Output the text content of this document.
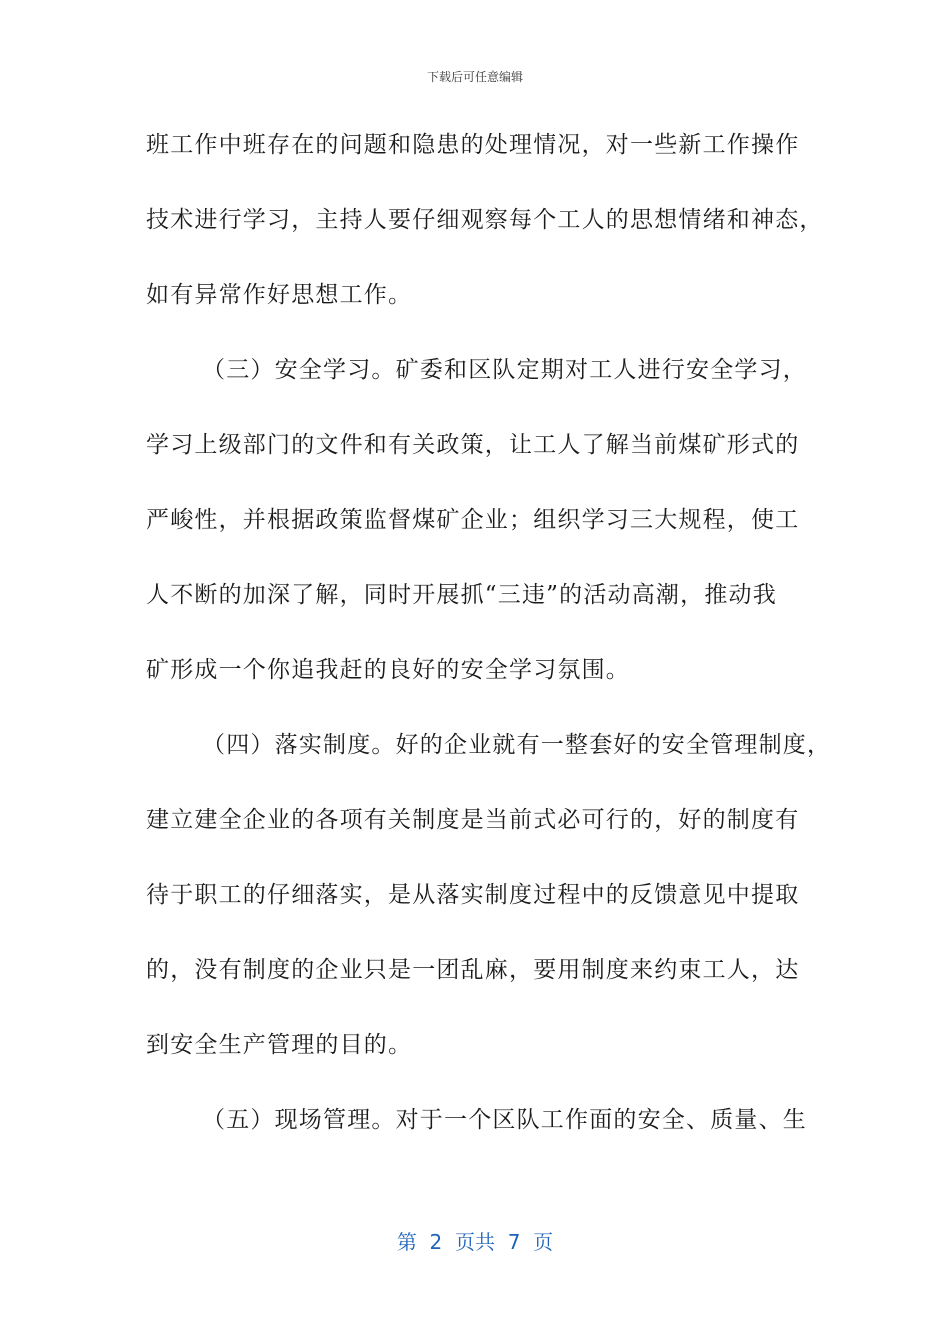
下载后可任意编辑
班工作中班存在的问题和隐患的处理情况，对一些新工作操作
技术进行学习，主持人要仔细观察每个工人的思想情绪和神态，
如有异常作好思想工作。
（三）安全学习。矿委和区队定期对工人进行安全学习，
学习上级部门的文件和有关政策，让工人了解当前煤矿形式的
严峻性，并根据政策监督煤矿企业；组织学习三大规程，使工
人不断的加深了解，同时开展抓“三违”的活动高潮，推动我
矿形成一个你追我赶的良好的安全学习氛围。
（四）落实制度。好的企业就有一整套好的安全管理制度，
建立建全企业的各项有关制度是当前式必可行的，好的制度有
待于职工的仔细落实，是从落实制度过程中的反馈意见中提取
的，没有制度的企业只是一团乱麻，要用制度来约束工人，达
到安全生产管理的目的。
（五）现场管理。对于一个区队工作面的安全、质量、生
第  2  页共  7  页
